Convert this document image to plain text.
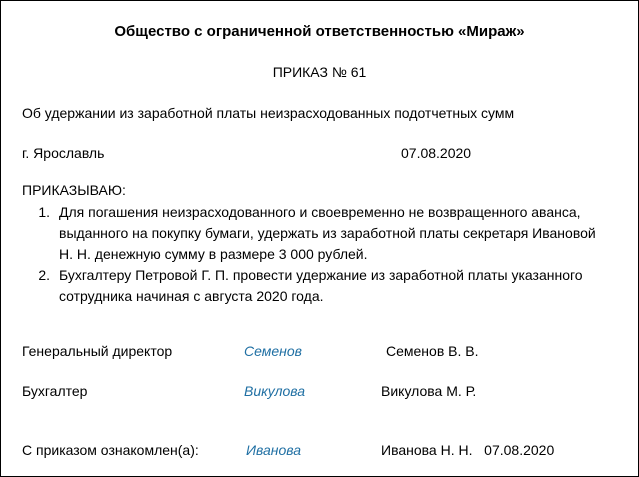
Общество с ограниченной ответственностью «Мираж»
ПРИКАЗ № 61
Об удержании из заработной платы неизрасходованных подотчетных сумм
г. Ярославль	07.08.2020
ПРИКАЗЫВАЮ:
1. Для погашения неизрасходованного и своевременно не возвращенного аванса,
выданного на покупку бумаги, удержать из заработной платы секретаря Ивановой
Н. Н. денежную сумму в размере 3 000 рублей.
2. Бухгалтеру Петровой Г. П. провести удержание из заработной платы указанного
сотрудника начиная с августа 2020 года.
Генеральный директор	Семенов	Семенов В. В.
Бухгалтер	Викулова	Викулова М. Р.
С приказом ознакомлен(а):	Иванова	Иванова Н. Н.   07.08.2020
